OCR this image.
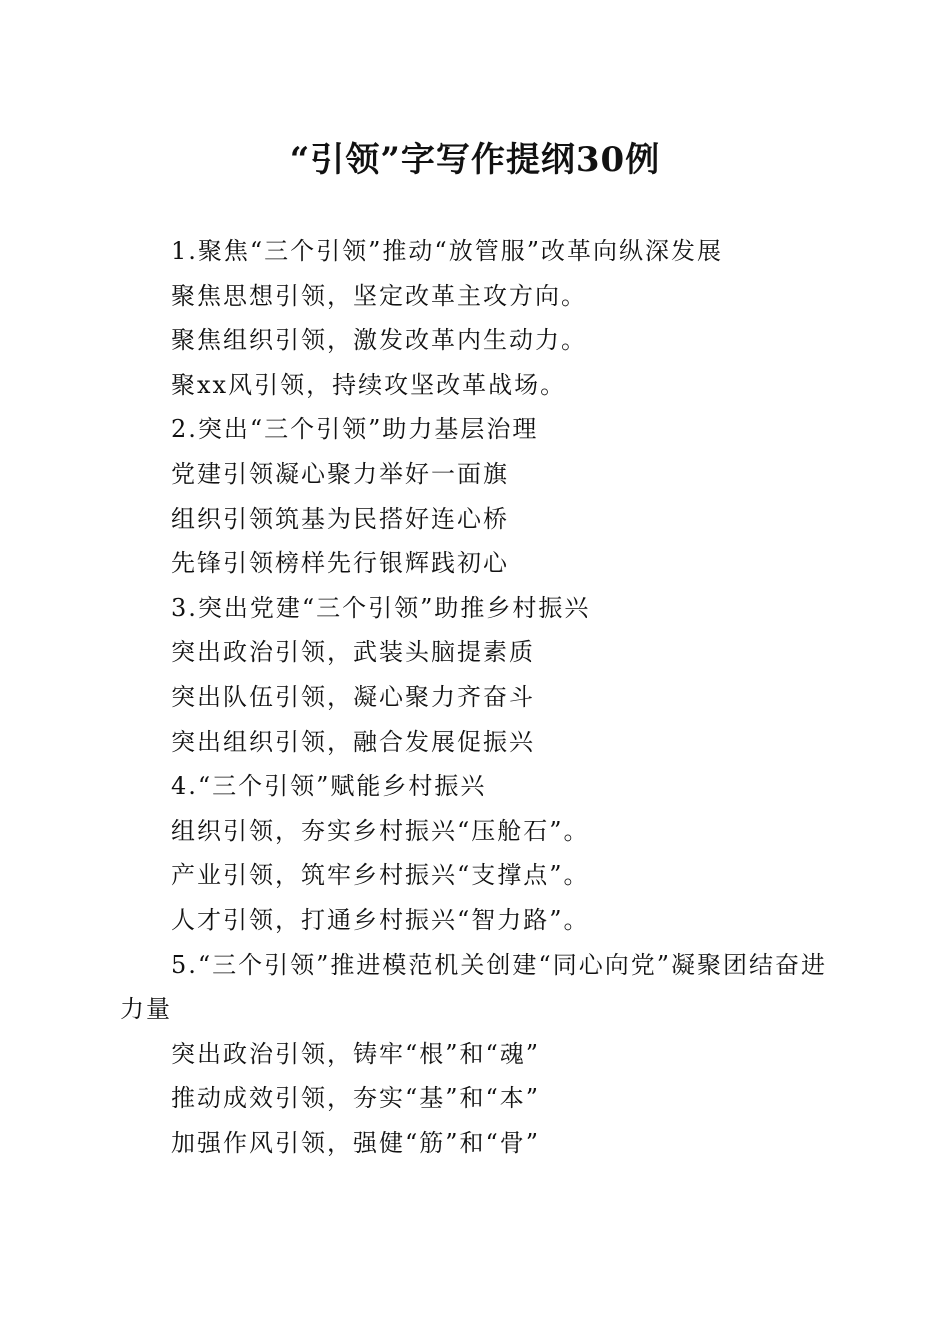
“引领”字写作提纲30例
1.聚焦“三个引领”推动“放管服”改革向纵深发展
聚焦思想引领，坚定改革主攻方向。
聚焦组织引领，激发改革内生动力。
聚xx风引领，持续攻坚改革战场。
2.突出“三个引领”助力基层治理
党建引领凝心聚力举好一面旗
组织引领筑基为民搭好连心桥
先锋引领榜样先行银辉践初心
3.突出党建“三个引领”助推乡村振兴
突出政治引领，武装头脑提素质
突出队伍引领，凝心聚力齐奋斗
突出组织引领，融合发展促振兴
4.“三个引领”赋能乡村振兴
组织引领，夯实乡村振兴“压舱石”。
产业引领，筑牢乡村振兴“支撑点”。
人才引领，打通乡村振兴“智力路”。
5.“三个引领”推进模范机关创建“同心向党”凝聚团结奋进力量
突出政治引领，铸牢“根”和“魂”
推动成效引领，夯实“基”和“本”
加强作风引领，强健“筋”和“骨”
